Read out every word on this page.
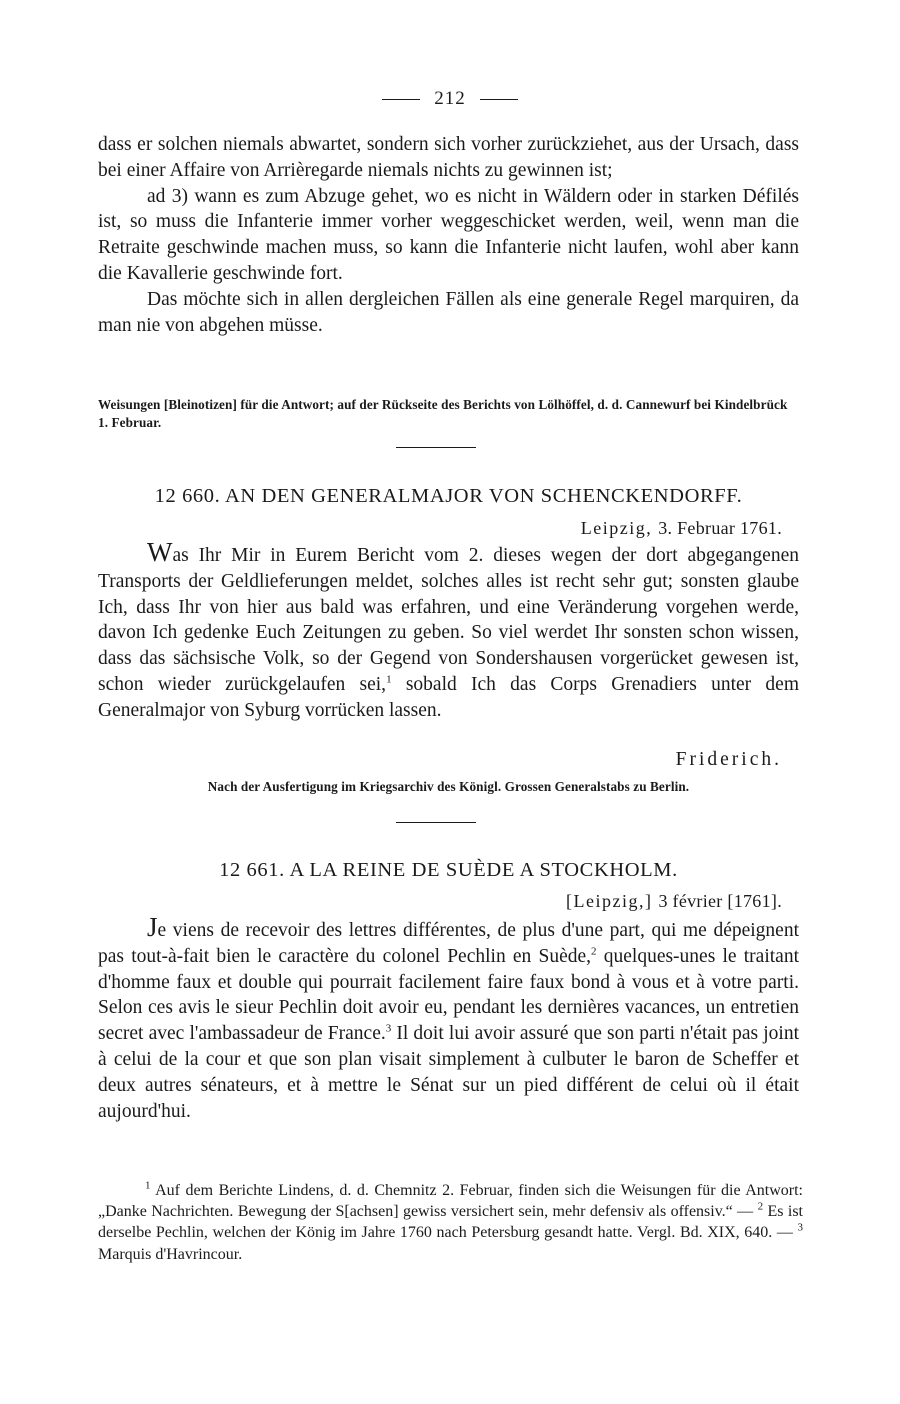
212

dass er solchen niemals abwartet, sondern sich vorher zurückziehet, aus der Ursach, dass bei einer Affaire von Arrièregarde niemals nichts zu gewinnen ist;

ad 3) wann es zum Abzuge gehet, wo es nicht in Wäldern oder in starken Défilés ist, so muss die Infanterie immer vorher weggeschicket werden, weil, wenn man die Retraite geschwinde machen muss, so kann die Infanterie nicht laufen, wohl aber kann die Kavallerie geschwinde fort.

Das möchte sich in allen dergleichen Fällen als eine generale Regel marquiren, da man nie von abgehen müsse.

Weisungen [Bleinotizen] für die Antwort; auf der Rückseite des Berichts von Lölhöffel, d. d. Cannewurf bei Kindelbrück 1. Februar.
12 660. AN DEN GENERALMAJOR VON SCHENCKENDORFF.
Leipzig, 3. Februar 1761.

Was Ihr Mir in Eurem Bericht vom 2. dieses wegen der dort abgegangenen Transports der Geldlieferungen meldet, solches alles ist recht sehr gut; sonsten glaube Ich, dass Ihr von hier aus bald was erfahren, und eine Veränderung vorgehen werde, davon Ich gedenke Euch Zeitungen zu geben. So viel werdet Ihr sonsten schon wissen, dass das sächsische Volk, so der Gegend von Sondershausen vorgerücket gewesen ist, schon wieder zurückgelaufen sei,$^1$ sobald Ich das Corps Grenadiers unter dem Generalmajor von Syburg vorrücken lassen.

Friderich.
Nach der Ausfertigung im Kriegsarchiv des Königl. Grossen Generalstabs zu Berlin.
12 661. A LA REINE DE SUÈDE A STOCKHOLM.
[Leipzig,] 3 février [1761].

Je viens de recevoir des lettres différentes, de plus d'une part, qui me dépeignent pas tout-à-fait bien le caractère du colonel Pechlin en Suède,$^2$ quelques-unes le traitant d'homme faux et double qui pourrait facilement faire faux bond à vous et à votre parti. Selon ces avis le sieur Pechlin doit avoir eu, pendant les dernières vacances, un entretien secret avec l'ambassadeur de France.$^3$ Il doit lui avoir assuré que son parti n'était pas joint à celui de la cour et que son plan visait simplement à culbuter le baron de Scheffer et deux autres sénateurs, et à mettre le Sénat sur un pied différent de celui où il était aujourd'hui.

$^1$ Auf dem Berichte Lindens, d. d. Chemnitz 2. Februar, finden sich die Weisungen für die Antwort: „Danke Nachrichten. Bewegung der S[achsen] gewiss versichert sein, mehr defensiv als offensiv.“ — $^2$ Es ist derselbe Pechlin, welchen der König im Jahre 1760 nach Petersburg gesandt hatte. Vergl. Bd. XIX, 640. — $^3$ Marquis d'Havrincour.
